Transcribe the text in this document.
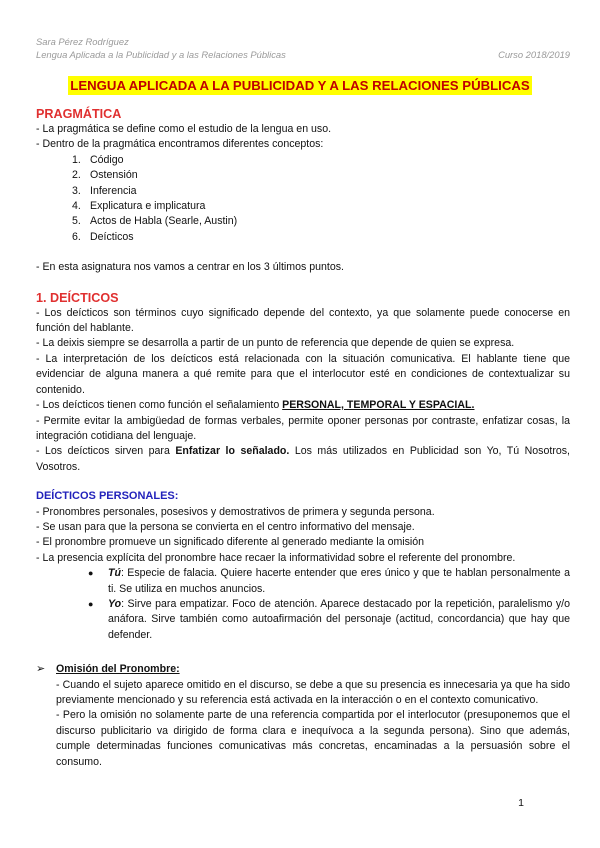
Sara Pérez Rodríguez
Lengua Aplicada a la Publicidad y a las Relaciones Públicas	Curso 2018/2019
LENGUA APLICADA A LA PUBLICIDAD Y A LAS RELACIONES PÚBLICAS
PRAGMÁTICA

- La pragmática se define como el estudio de la lengua en uso.

- Dentro de la pragmática encontramos diferentes conceptos:

1. Código
2. Ostensión
3. Inferencia
4. Explicatura e implicatura
5. Actos de Habla (Searle, Austin)
6. Deícticos

- En esta asignatura nos vamos a centrar en los 3 últimos puntos.

1. DEÍCTICOS

- Los deícticos son términos cuyo significado depende del contexto, ya que solamente puede conocerse en función del hablante.

- La deixis siempre se desarrolla a partir de un punto de referencia que depende de quien se expresa.

- La interpretación de los deícticos está relacionada con la situación comunicativa. El hablante tiene que evidenciar de alguna manera a qué remite para que el interlocutor esté en condiciones de contextualizar su contenido.

- Los deícticos tienen como función el señalamiento PERSONAL, TEMPORAL Y ESPACIAL.

- Permite evitar la ambigüedad de formas verbales, permite oponer personas por contraste, enfatizar cosas, la integración cotidiana del lenguaje.

- Los deícticos sirven para Enfatizar lo señalado. Los más utilizados en Publicidad son Yo, Tú Nosotros, Vosotros.

DEÍCTICOS PERSONALES:

- Pronombres personales, posesivos y demostrativos de primera y segunda persona.

- Se usan para que la persona se convierta en el centro informativo del mensaje.

- El pronombre promueve un significado diferente al generado mediante la omisión

- La presencia explícita del pronombre hace recaer la informatividad sobre el referente del pronombre.

● Tú: Especie de falacia. Quiere hacerte entender que eres único y que te hablan personalmente a ti. Se utiliza en muchos anuncios.
● Yo: Sirve para empatizar. Foco de atención. Aparece destacado por la repetición, paralelismo y/o anáfora. Sirve también como autoafirmación del personaje (actitud, concordancia) que hay que defender.
➢ Omisión del Pronombre:

- Cuando el sujeto aparece omitido en el discurso, se debe a que su presencia es innecesaria ya que ha sido previamente mencionado y su referencia está activada en la interacción o en el contexto comunicativo.

- Pero la omisión no solamente parte de una referencia compartida por el interlocutor (presuponemos que el discurso publicitario va dirigido de forma clara e inequívoca a la segunda persona). Sino que además, cumple determinadas funciones comunicativas más concretas, encaminadas a la persuasión sobre el consumo.

1
